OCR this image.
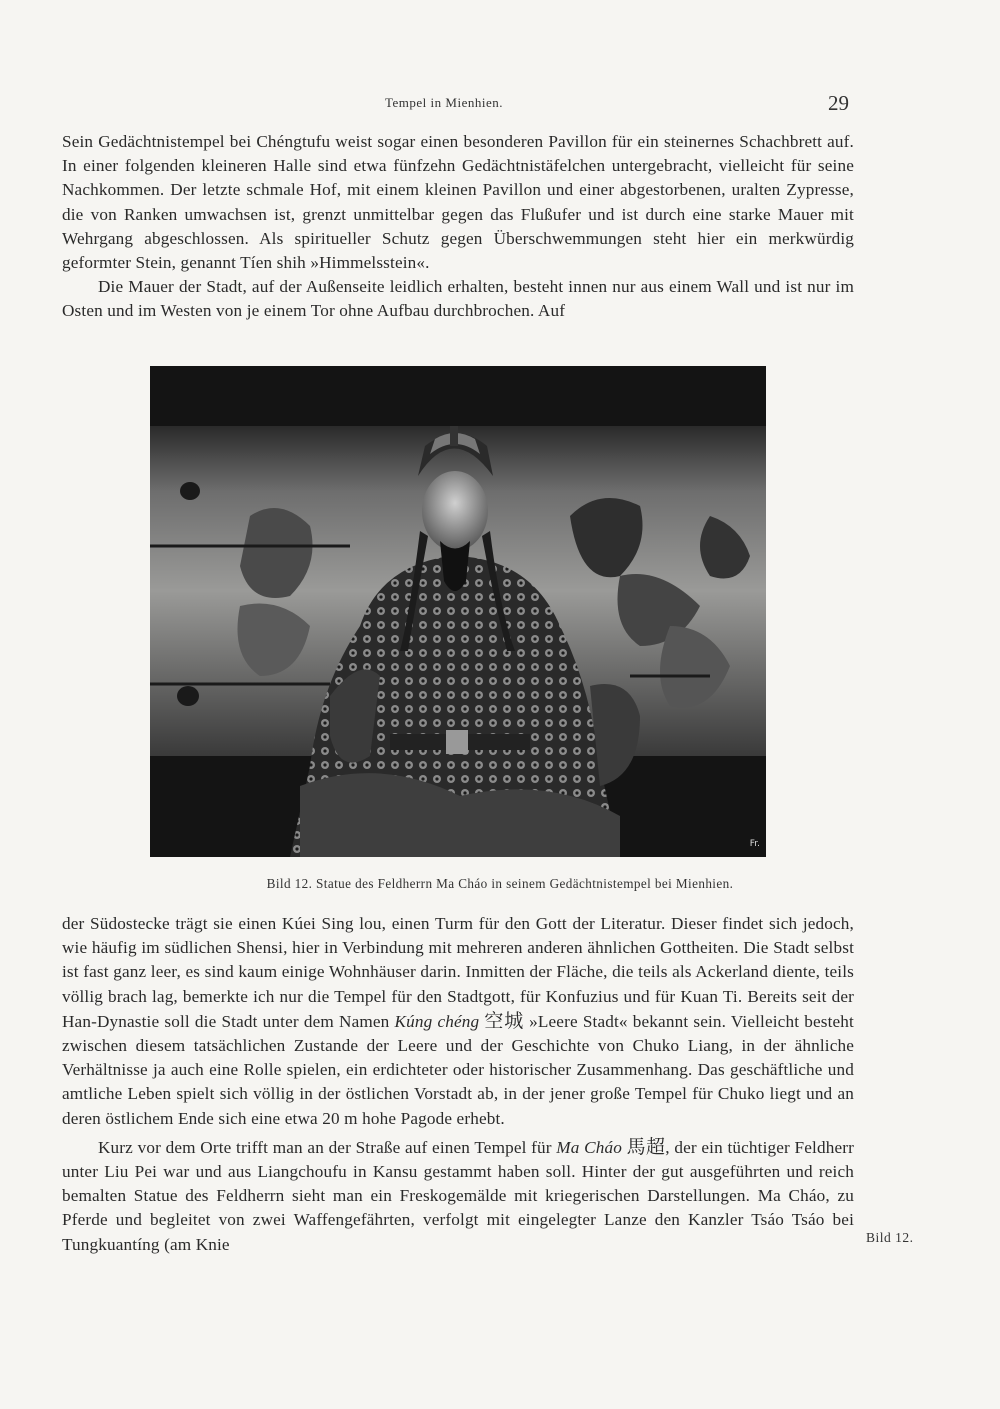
Tempel in Mienhien.	29

Sein Gedächtnistempel bei Chéngtufu weist sogar einen besonderen Pavillon für ein steinernes Schachbrett auf. In einer folgenden kleineren Halle sind etwa fünfzehn Gedächtnistäfelchen untergebracht, vielleicht für seine Nachkommen. Der letzte schmale Hof, mit einem kleinen Pavillon und einer abgestorbenen, uralten Zypresse, die von Ranken umwachsen ist, grenzt unmittelbar gegen das Flußufer und ist durch eine starke Mauer mit Wehrgang abgeschlossen. Als spiritueller Schutz gegen Überschwemmungen steht hier ein merkwürdig geformter Stein, genannt Tíen shih »Himmelsstein«.

Die Mauer der Stadt, auf der Außenseite leidlich erhalten, besteht innen nur aus einem Wall und ist nur im Osten und im Westen von je einem Tor ohne Aufbau durchbrochen. Auf

Fr.
Bild 12. Statue des Feldherrn Ma Cháo in seinem Gedächtnistempel bei Mienhien.

der Südostecke trägt sie einen Kúei Sing lou, einen Turm für den Gott der Literatur. Dieser findet sich jedoch, wie häufig im südlichen Shensi, hier in Verbindung mit mehreren anderen ähnlichen Gottheiten. Die Stadt selbst ist fast ganz leer, es sind kaum einige Wohnhäuser darin. Inmitten der Fläche, die teils als Ackerland diente, teils völlig brach lag, bemerkte ich nur die Tempel für den Stadtgott, für Konfuzius und für Kuan Ti. Bereits seit der Han-Dynastie soll die Stadt unter dem Namen Kúng chéng 空城 »Leere Stadt« bekannt sein. Vielleicht besteht zwischen diesem tatsächlichen Zustande der Leere und der Geschichte von Chuko Liang, in der ähnliche Verhältnisse ja auch eine Rolle spielen, ein erdichteter oder historischer Zusammenhang. Das geschäftliche und amtliche Leben spielt sich völlig in der östlichen Vorstadt ab, in der jener große Tempel für Chuko liegt und an deren östlichem Ende sich eine etwa 20 m hohe Pagode erhebt.

Kurz vor dem Orte trifft man an der Straße auf einen Tempel für Ma Cháo 馬超, der ein tüchtiger Feldherr unter Liu Pei war und aus Liangchoufu in Kansu gestammt haben soll. Hinter der gut ausgeführten und reich bemalten Statue des Feldherrn sieht man ein Freskogemälde mit kriegerischen Darstellungen. Ma Cháo, zu Pferde und begleitet von zwei Waffengefährten, verfolgt mit eingelegter Lanze den Kanzler Tsáo Tsáo bei Tungkuantíng (am Knie	Bild 12.
